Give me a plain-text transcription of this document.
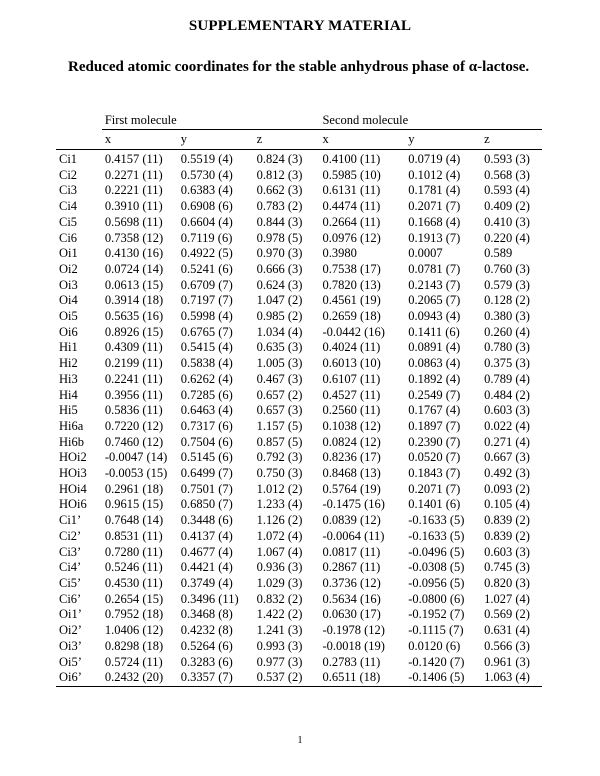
SUPPLEMENTARY MATERIAL
Reduced atomic coordinates for the stable anhydrous phase of α-lactose.
	First molecule			Second molecule		
	x	y	z	x	y	z
Ci1	0.4157 (11)	0.5519 (4)	0.824 (3)	0.4100 (11)	0.0719 (4)	0.593 (3)
Ci2	0.2271 (11)	0.5730 (4)	0.812 (3)	0.5985 (10)	0.1012 (4)	0.568 (3)
Ci3	0.2221 (11)	0.6383 (4)	0.662 (3)	0.6131 (11)	0.1781 (4)	0.593 (4)
Ci4	0.3910 (11)	0.6908 (6)	0.783 (2)	0.4474 (11)	0.2071 (7)	0.409 (2)
Ci5	0.5698 (11)	0.6604 (4)	0.844 (3)	0.2664 (11)	0.1668 (4)	0.410 (3)
Ci6	0.7358 (12)	0.7119 (6)	0.978 (5)	0.0976 (12)	0.1913 (7)	0.220 (4)
Oi1	0.4130 (16)	0.4922 (5)	0.970 (3)	0.3980	0.0007	0.589
Oi2	0.0724 (14)	0.5241 (6)	0.666 (3)	0.7538 (17)	0.0781 (7)	0.760 (3)
Oi3	0.0613 (15)	0.6709 (7)	0.624 (3)	0.7820 (13)	0.2143 (7)	0.579 (3)
Oi4	0.3914 (18)	0.7197 (7)	1.047 (2)	0.4561 (19)	0.2065 (7)	0.128 (2)
Oi5	0.5635 (16)	0.5998 (4)	0.985 (2)	0.2659 (18)	0.0943 (4)	0.380 (3)
Oi6	0.8926 (15)	0.6765 (7)	1.034 (4)	-0.0442 (16)	0.1411 (6)	0.260 (4)
Hi1	0.4309 (11)	0.5415 (4)	0.635 (3)	0.4024 (11)	0.0891 (4)	0.780 (3)
Hi2	0.2199 (11)	0.5838 (4)	1.005 (3)	0.6013 (10)	0.0863 (4)	0.375 (3)
Hi3	0.2241 (11)	0.6262 (4)	0.467 (3)	0.6107 (11)	0.1892 (4)	0.789 (4)
Hi4	0.3956 (11)	0.7285 (6)	0.657 (2)	0.4527 (11)	0.2549 (7)	0.484 (2)
Hi5	0.5836 (11)	0.6463 (4)	0.657 (3)	0.2560 (11)	0.1767 (4)	0.603 (3)
Hi6a	0.7220 (12)	0.7317 (6)	1.157 (5)	0.1038 (12)	0.1897 (7)	0.022 (4)
Hi6b	0.7460 (12)	0.7504 (6)	0.857 (5)	0.0824 (12)	0.2390 (7)	0.271 (4)
HOi2	-0.0047 (14)	0.5145 (6)	0.792 (3)	0.8236 (17)	0.0520 (7)	0.667 (3)
HOi3	-0.0053 (15)	0.6499 (7)	0.750 (3)	0.8468 (13)	0.1843 (7)	0.492 (3)
HOi4	0.2961 (18)	0.7501 (7)	1.012 (2)	0.5764 (19)	0.2071 (7)	0.093 (2)
HOi6	0.9615 (15)	0.6850 (7)	1.233 (4)	-0.1475 (16)	0.1401 (6)	0.105 (4)
Ci1’	0.7648 (14)	0.3448 (6)	1.126 (2)	0.0839 (12)	-0.1633 (5)	0.839 (2)
Ci2’	0.8531 (11)	0.4137 (4)	1.072 (4)	-0.0064 (11)	-0.1633 (5)	0.839 (2)
Ci3’	0.7280 (11)	0.4677 (4)	1.067 (4)	0.0817 (11)	-0.0496 (5)	0.603 (3)
Ci4’	0.5246 (11)	0.4421 (4)	0.936 (3)	0.2867 (11)	-0.0308 (5)	0.745 (3)
Ci5’	0.4530 (11)	0.3749 (4)	1.029 (3)	0.3736 (12)	-0.0956 (5)	0.820 (3)
Ci6’	0.2654 (15)	0.3496 (11)	0.832 (2)	0.5634 (16)	-0.0800 (6)	1.027 (4)
Oi1’	0.7952 (18)	0.3468 (8)	1.422 (2)	0.0630 (17)	-0.1952 (7)	0.569 (2)
Oi2’	1.0406 (12)	0.4232 (8)	1.241 (3)	-0.1978 (12)	-0.1115 (7)	0.631 (4)
Oi3’	0.8298 (18)	0.5264 (6)	0.993 (3)	-0.0018 (19)	0.0120 (6)	0.566 (3)
Oi5’	0.5724 (11)	0.3283 (6)	0.977 (3)	0.2783 (11)	-0.1420 (7)	0.961 (3)
Oi6’	0.2432 (20)	0.3357 (7)	0.537 (2)	0.6511 (18)	-0.1406 (5)	1.063 (4)
1
